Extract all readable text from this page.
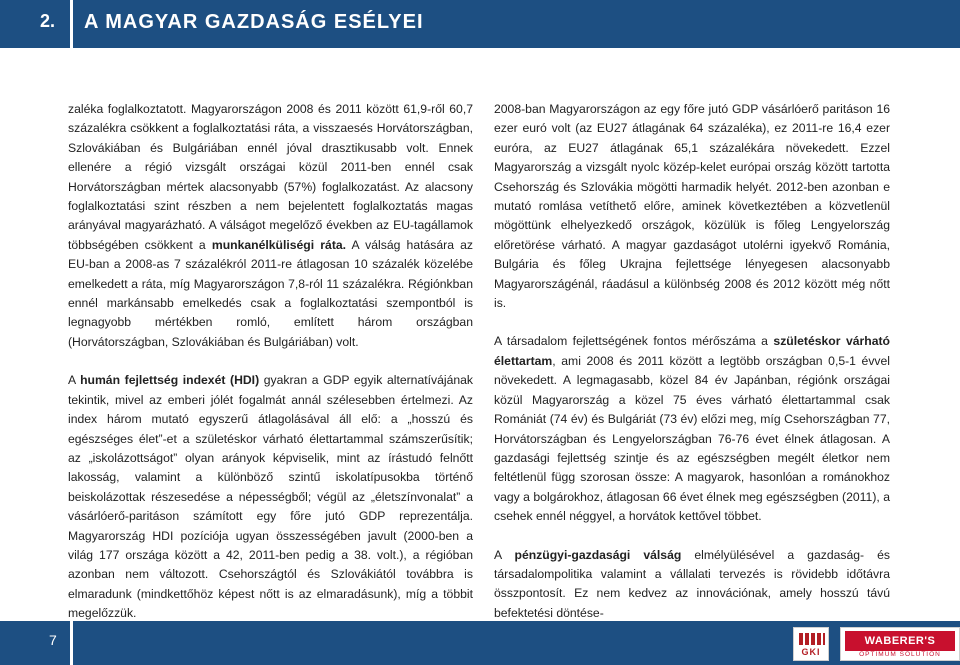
2. A MAGYAR GAZDASÁG ESÉLYEI

zaléka foglalkoztatott. Magyarországon 2008 és 2011 között 61,9-ről 60,7 százalékra csökkent a foglalkoztatási ráta, a visszaesés Horvátországban, Szlovákiában és Bulgáriában ennél jóval drasztikusabb volt. Ennek ellenére a régió vizsgált országai közül 2011-ben ennél csak Horvátországban mértek alacsonyabb (57%) foglalkozatást. Az alacsony foglalkoztatási szint részben a nem bejelentett foglalkoztatás magas arányával magyarázható. A válságot megelőző években az EU-tagállamok többségében csökkent a munkanélküliségi ráta. A válság hatására az EU-ban a 2008-as 7 százalékról 2011-re átlagosan 10 százalék közelébe emelkedett a ráta, míg Magyarországon 7,8-ról 11 százalékra. Régiónkban ennél markánsabb emelkedés csak a foglalkoztatási szempontból is legnagyobb mértékben romló, említett három országban (Horvátországban, Szlovákiában és Bulgáriában) volt.

A humán fejlettség indexét (HDI) gyakran a GDP egyik alternatívájának tekintik, mivel az emberi jólét fogalmát annál szélesebben értelmezi. Az index három mutató egyszerű átlagolásával áll elő: a „hosszú és egészséges élet”-et a születéskor várható élettartammal számszerűsítik; az „iskolázottságot” olyan arányok képviselik, mint az írástudó felnőtt lakosság, valamint a különböző szintű iskolatípusokba történő beiskolázottak részesedése a népességből; végül az „életszínvonalat” a vásárlóerő-paritáson számított egy főre jutó GDP reprezentálja. Magyarország HDI pozíciója ugyan összességében javult (2000-ben a világ 177 országa között a 42, 2011-ben pedig a 38. volt.), a régióban azonban nem változott. Csehországtól és Szlovákiától továbbra is elmaradunk (mindkettőhöz képest nőtt is az elmaradásunk), míg a többit megelőzzük.

2008-ban Magyarországon az egy főre jutó GDP vásárlóerő paritáson 16 ezer euró volt (az EU27 átlagának 64 százaléka), ez 2011-re 16,4 ezer euróra, az EU27 átlagának 65,1 százalékára növekedett. Ezzel Magyarország a vizsgált nyolc közép-kelet európai ország között tartotta Csehország és Szlovákia mögötti harmadik helyét. 2012-ben azonban e mutató romlása vetíthető előre, aminek következtében a közvetlenül mögöttünk elhelyezkedő országok, közülük is főleg Lengyelország előretörése várható. A magyar gazdaságot utolérni igyekvő Románia, Bulgária és főleg Ukrajna fejlettsége lényegesen alacsonyabb Magyarországénál, ráadásul a különbség 2008 és 2012 között még nőtt is.

A társadalom fejlettségének fontos mérőszáma a születéskor várható élettartam, ami 2008 és 2011 között a legtöbb országban 0,5-1 évvel növekedett. A legmagasabb, közel 84 év Japánban, régiónk országai közül Magyarország a közel 75 éves várható élettartammal csak Romániát (74 év) és Bulgáriát (73 év) előzi meg, míg Csehországban 77, Horvátországban és Lengyelországban 76-76 évet élnek átlagosan. A gazdasági fejlettség szintje és az egészségben megélt életkor nem feltétlenül függ szorosan össze: A magyarok, hasonlóan a románokhoz vagy a bolgárokhoz, átlagosan 66 évet élnek meg egészségben (2011), a csehek ennél néggyel, a horvátok kettővel többet.

A pénzügyi-gazdasági válság elmélyülésével a gazdaság- és társadalompolitika valamint a vállalati tervezés is rövidebb időtávra összpontosít. Ez nem kedvez az innovációnak, amely hosszú távú befektetési döntése-

7
GKI
WABERER'S
OPTIMUM SOLUTION
